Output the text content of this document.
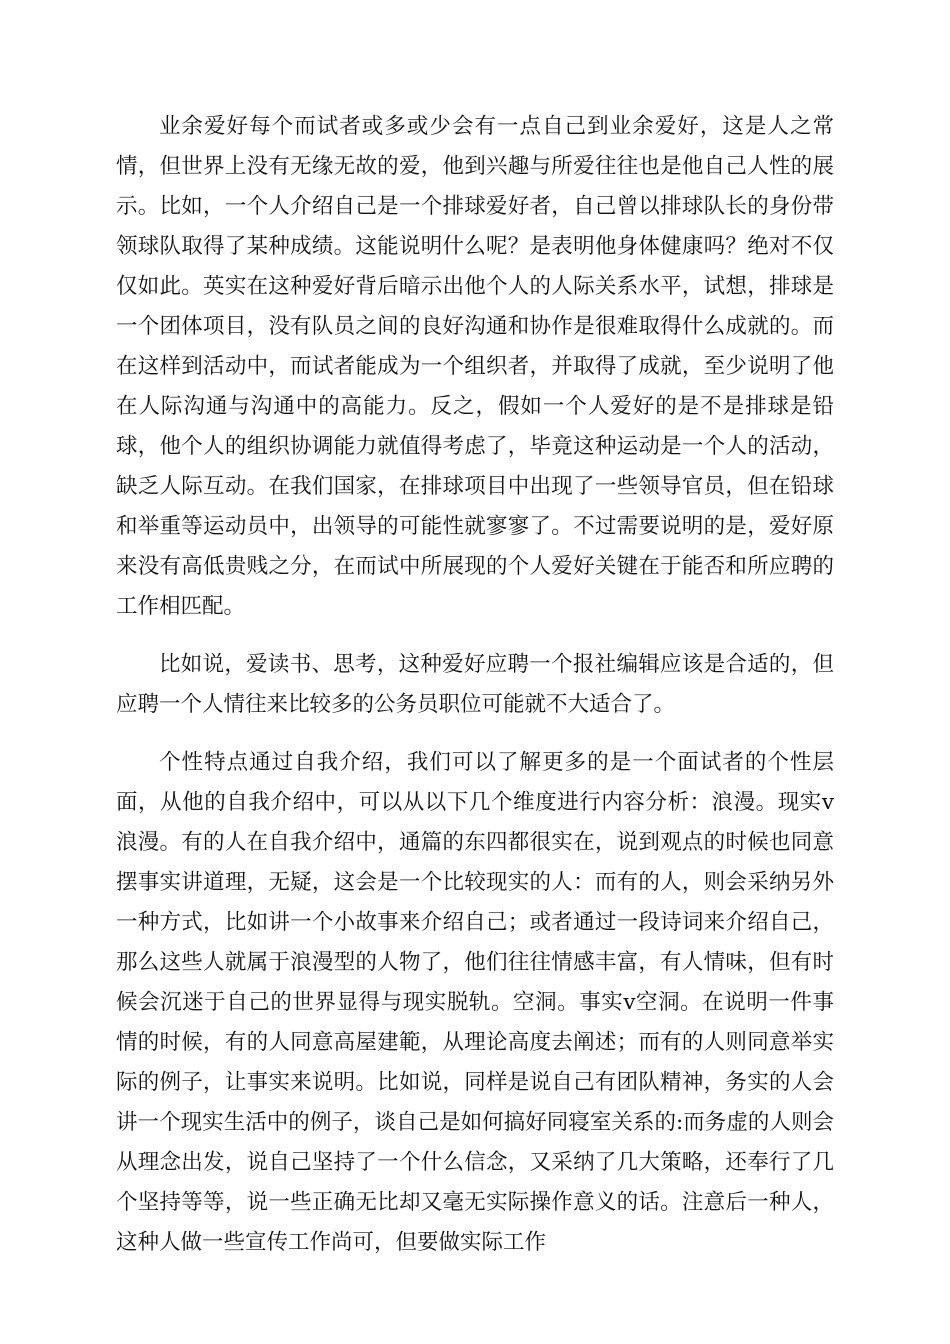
业余爱好每个而试者或多或少会有一点自己到业余爱好，这是人之常情，但世界上没有无缘无故的爱，他到兴趣与所爱往往也是他自己人性的展示。比如，一个人介绍自己是一个排球爱好者，自己曾以排球队长的身份带领球队取得了某种成绩。这能说明什么呢？是表明他身体健康吗？绝对不仅仅如此。英实在这种爱好背后暗示出他个人的人际关系水平，试想，排球是一个团体项目，没有队员之间的良好沟通和协作是很难取得什么成就的。而在这样到活动中，而试者能成为一个组织者，并取得了成就，至少说明了他在人际沟通与沟通中的高能力。反之，假如一个人爱好的是不是排球是铅球，他个人的组织协调能力就值得考虑了，毕竟这种运动是一个人的活动，缺乏人际互动。在我们国家，在排球项目中出现了一些领导官员，但在铅球和举重等运动员中，出领导的可能性就寥寥了。不过需要说明的是，爱好原来没有高低贵贱之分，在而试中所展现的个人爱好关键在于能否和所应聘的工作相匹配。

比如说，爱读书、思考，这种爱好应聘一个报社编辑应该是合适的，但应聘一个人情往来比较多的公务员职位可能就不大适合了。

个性特点通过自我介绍，我们可以了解更多的是一个面试者的个性层面，从他的自我介绍中，可以从以下几个维度进行内容分析：浪漫。现实v浪漫。有的人在自我介绍中，通篇的东四都很实在，说到观点的时候也同意摆事实讲道理，无疑，这会是一个比较现实的人：而有的人，则会采纳另外一种方式，比如讲一个小故事来介绍自己；或者通过一段诗词来介绍自己，那么这些人就属于浪漫型的人物了，他们往往情感丰富，有人情味，但有时候会沉迷于自己的世界显得与现实脱轨。空洞。事实v空洞。在说明一件事情的时候，有的人同意高屋建範，从理论高度去阐述；而有的人则同意举实际的例子，让事实来说明。比如说，同样是说自己有团队精神，务实的人会讲一个现实生活中的例子，谈自己是如何搞好同寝室关系的:而务虚的人则会从理念出发，说自己坚持了一个什么信念，又采纳了几大策略，还奉行了几个坚持等等，说一些正确无比却又毫无实际操作意义的话。注意后一种人，这种人做一些宣传工作尚可，但要做实际工作
